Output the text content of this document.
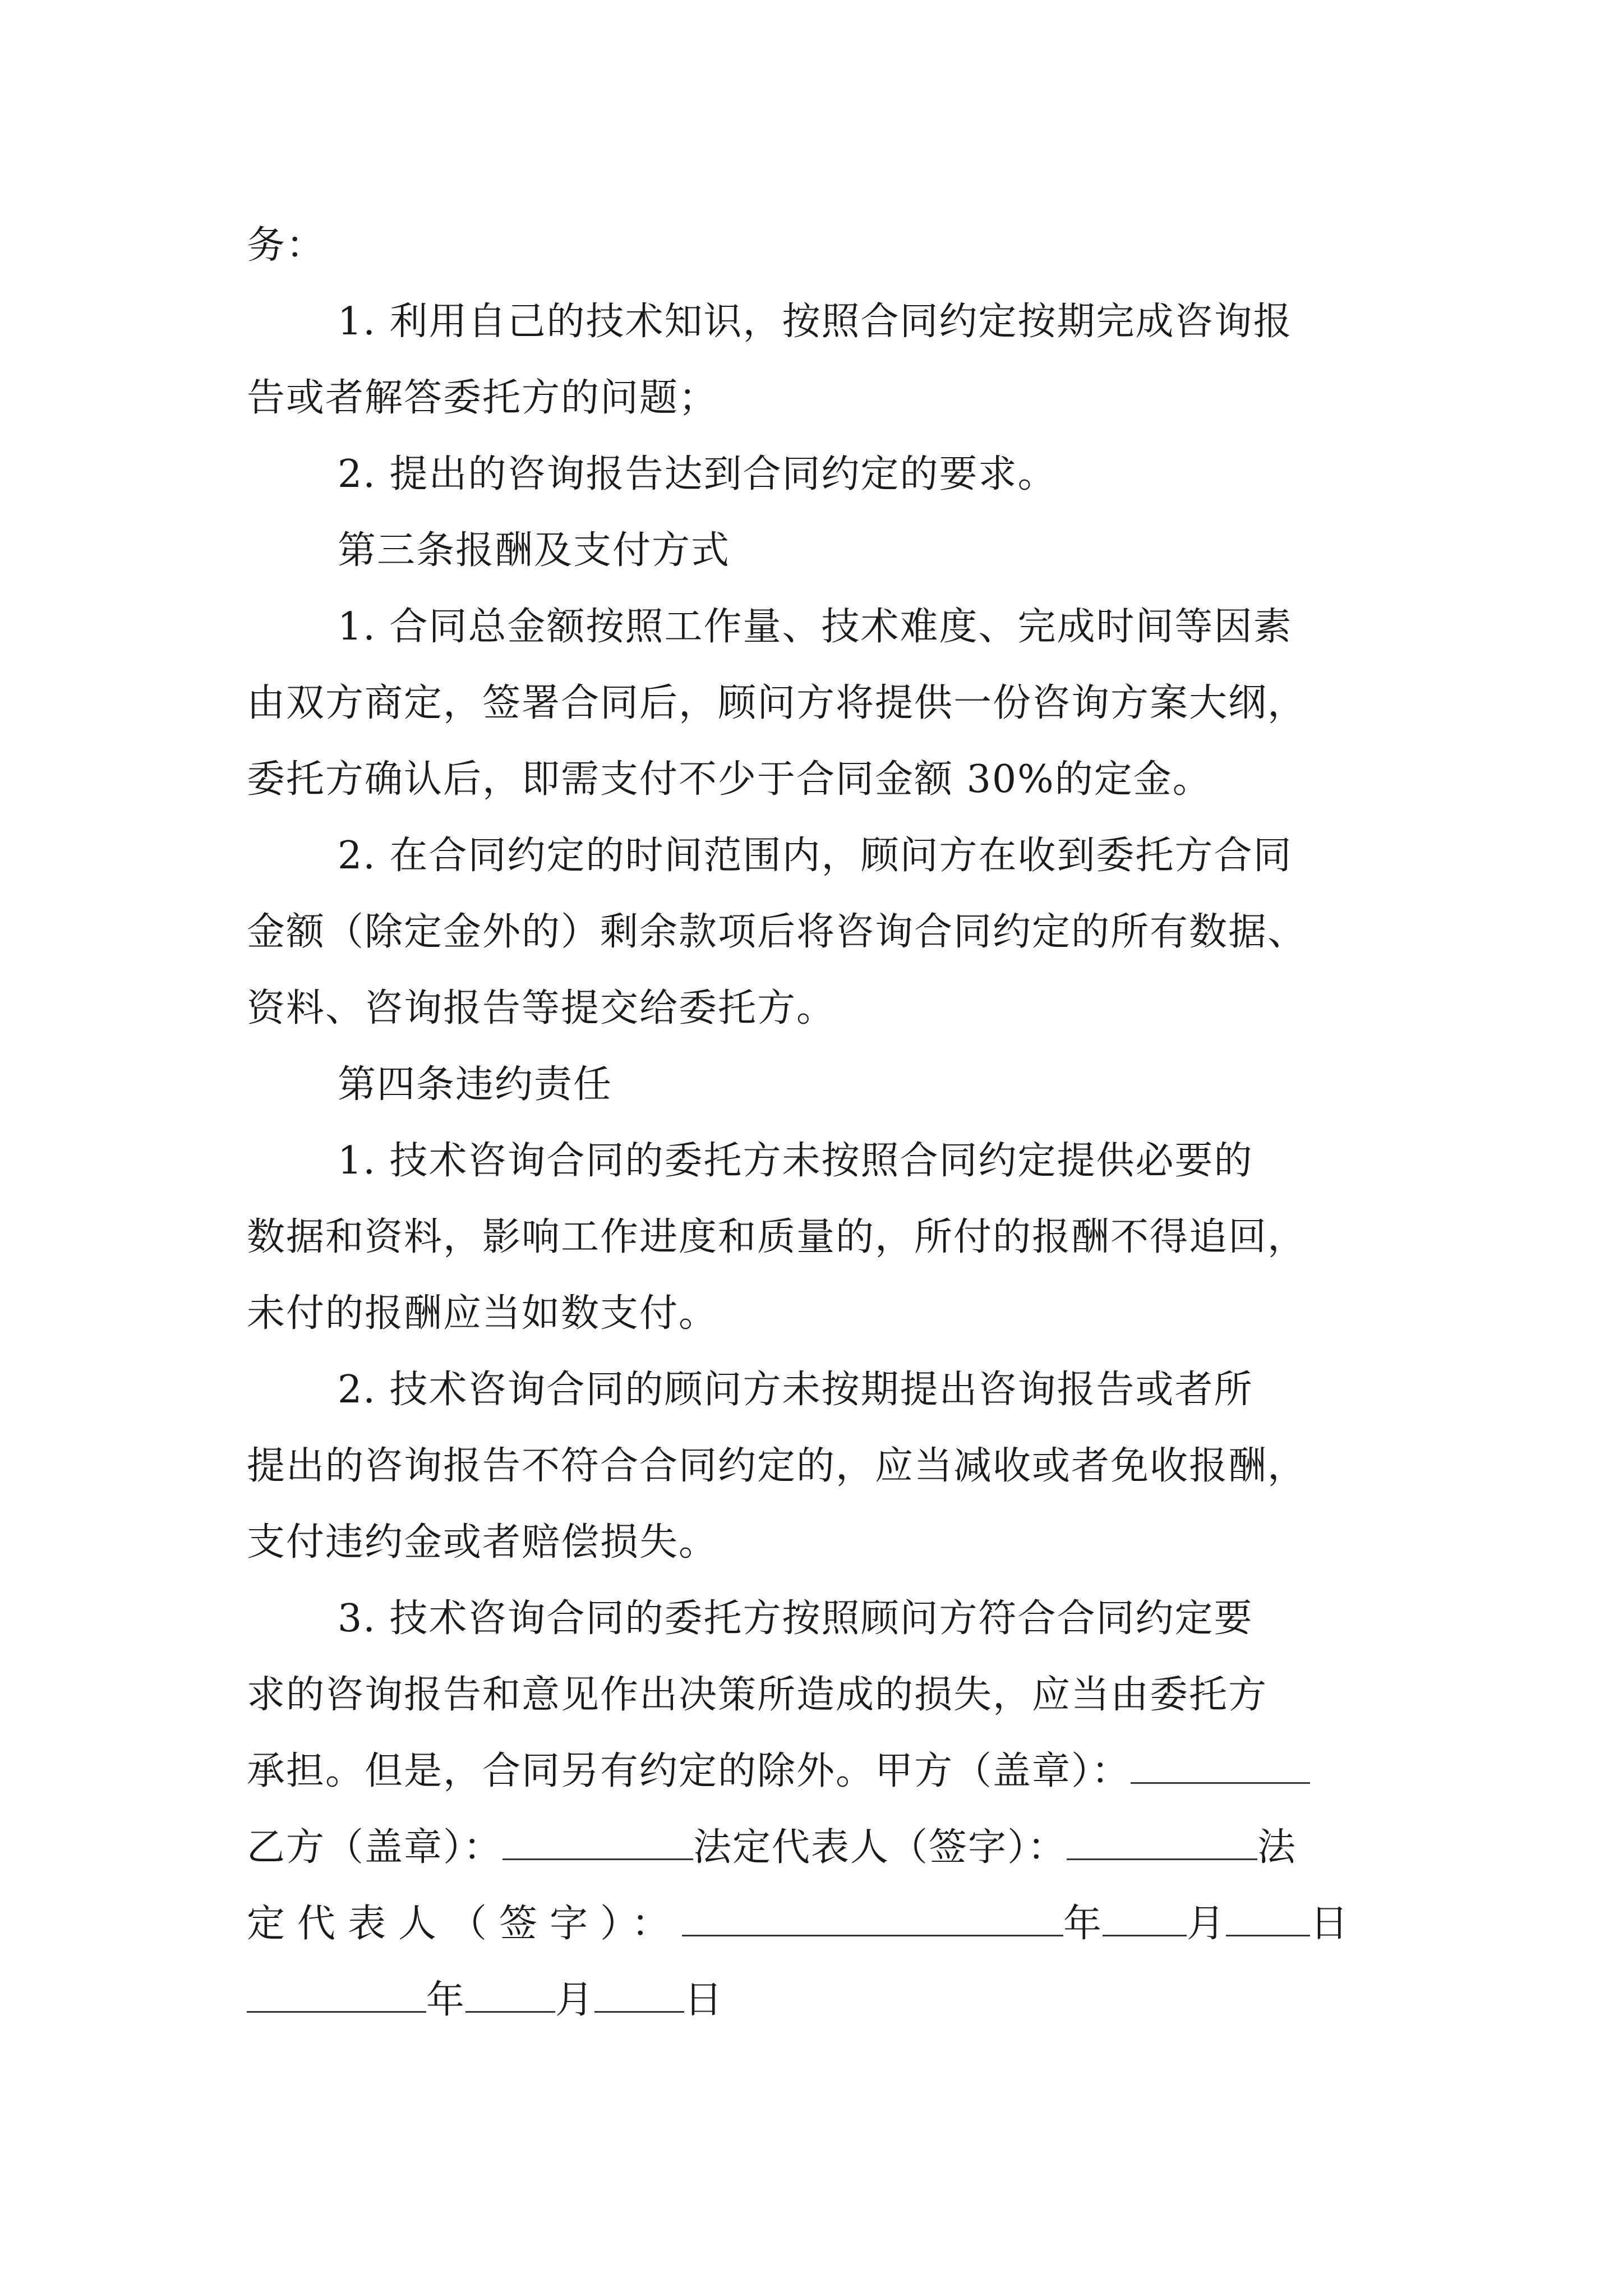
务：
1. 利用自己的技术知识，按照合同约定按期完成咨询报
告或者解答委托方的问题；
2. 提出的咨询报告达到合同约定的要求。
第三条报酬及支付方式
1. 合同总金额按照工作量、技术难度、完成时间等因素
由双方商定，签署合同后，顾问方将提供一份咨询方案大纲，
委托方确认后，即需支付不少于合同金额 30%的定金。
2. 在合同约定的时间范围内，顾问方在收到委托方合同
金额（除定金外的）剩余款项后将咨询合同约定的所有数据、
资料、咨询报告等提交给委托方。
第四条违约责任
1. 技术咨询合同的委托方未按照合同约定提供必要的
数据和资料，影响工作进度和质量的，所付的报酬不得追回，
未付的报酬应当如数支付。
2. 技术咨询合同的顾问方未按期提出咨询报告或者所
提出的咨询报告不符合合同约定的，应当减收或者免收报酬，
支付违约金或者赔偿损失。
3. 技术咨询合同的委托方按照顾问方符合合同约定要
求的咨询报告和意见作出决策所造成的损失，应当由委托方
承担。但是，合同另有约定的除外。甲方（盖章）：
乙方（盖章）：	法定代表人（签字）：	法
定代表人（签字）：	年 月 日
年 月 日
